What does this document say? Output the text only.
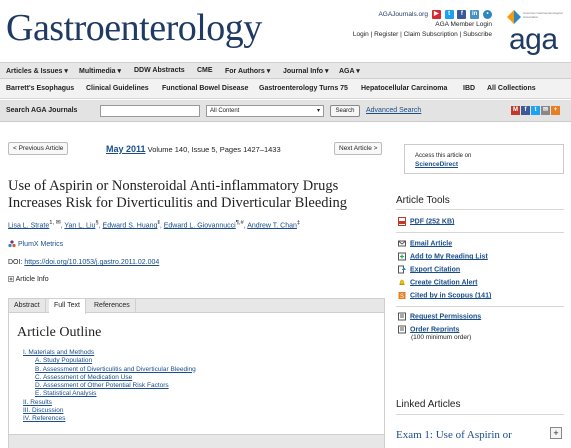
Gastroenterology	AGAJournals.org ▶ t f in •
AGA Member Login
Login | Register | Claim Subscription | Subscribe
American Gastroenterological Association
aga
Articles & Issues ▾ Multimedia ▾ DDW Abstracts CME For Authors ▾ Journal Info ▾ AGA ▾
Barrett's Esophagus Clinical Guidelines Functional Bowel Disease Gastroenterology Turns 75 Hepatocellular Carcinoma IBD All Collections
Search AGA Journals	All Content	▾	Search	Advanced Search	M f t ✉ +
< Previous Article	May 2011 Volume 140, Issue 5, Pages 1427–1433	Next Article >
Use of Aspirin or Nonsteroidal Anti-inflammatory Drugs Increases Risk for Diverticulitis and Diverticular Bleeding
Lisa L. Strate$^{1, ✉}$, Yan L. Liu§, Edward S. Huang‖, Edward L. Giovannucci¶,#, Andrew T. Chan‡
PlumX Metrics
DOI: https://doi.org/10.1053/j.gastro.2011.02.004
Article Info
Abstract	Full Text	References
Article Outline
I. Materials and Methods
A. Study Population
B. Assessment of Diverticulitis and Diverticular Bleeding
C. Assessment of Medication Use
D. Assessment of Other Potential Risk Factors
E. Statistical Analysis
II. Results
III. Discussion
IV. References
Access this article on
ScienceDirect
Article Tools
PDF (252 KB)
Email Article
Add to My Reading List
Export Citation
Create Citation Alert
S Cited by in Scopus (141)
Request Permissions
Order Reprints
(100 minimum order)
Linked Articles
Exam 1: Use of Aspirin or	+
